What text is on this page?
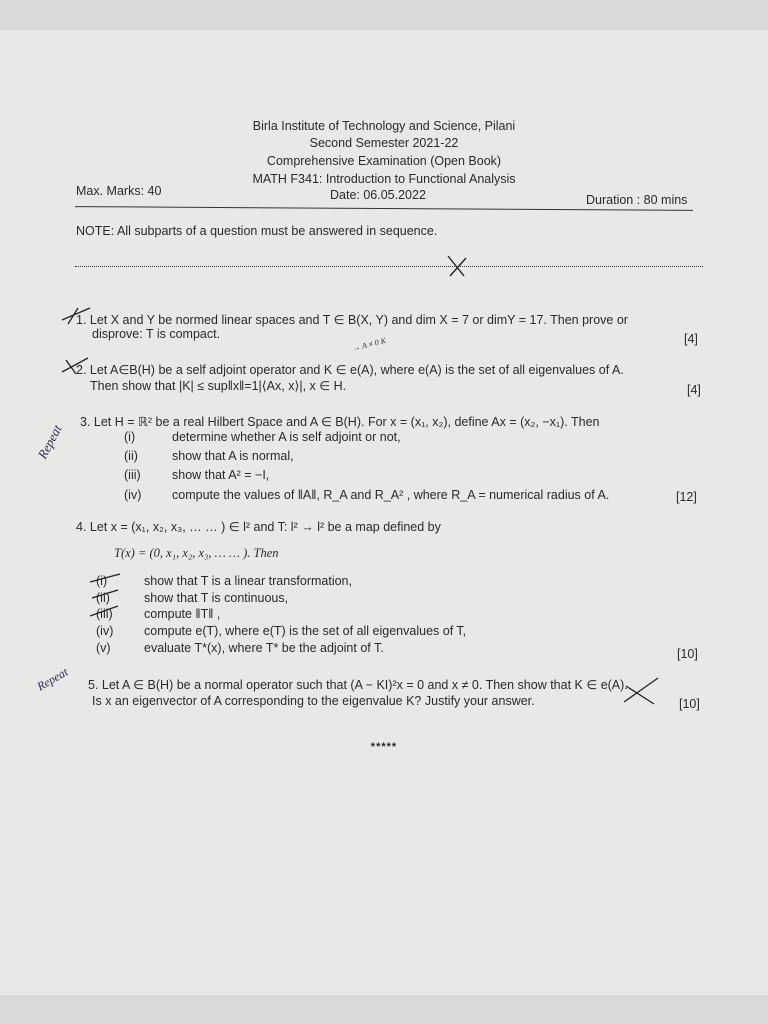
Birla Institute of Technology and Science, Pilani
Second Semester 2021-22
Comprehensive Examination (Open Book)
MATH F341: Introduction to Functional Analysis
Max. Marks: 40	Date: 06.05.2022	Duration : 80 mins
NOTE: All subparts of a question must be answered in sequence.
1. Let X and Y be normed linear spaces and T ∈ B(X, Y) and dim X = 7 or dimY = 17. Then prove or
disprove: T is compact.	[4]
→ A ≠ 0 K
2. Let A∈B(H) be a self adjoint operator and K ∈ e(A), where e(A) is the set of all eigenvalues of A.
Then show that |K| ≤ sup‖x‖=1|⟨Ax, x⟩|, x ∈ H.	[4]
Repeat
3. Let H = ℝ² be a real Hilbert Space and A ∈ B(H). For x = (x₁, x₂), define Ax = (x₂, −x₁). Then
(i)	determine whether A is self adjoint or not,
(ii)	show that A is normal,
(iii)	show that A² = −I,
(iv) compute the values of ‖A‖, R_A and R_A² , where R_A = numerical radius of A.	[12]
4. Let x = (x₁, x₂, x₃, … … ) ∈ l² and T: l² → l² be a map defined by
T(x) = (0, x₁, x₂, x₃, … … ). Then
(i)	show that T is a linear transformation,
(ii)	show that T is continuous,
(iii)	compute ‖T‖ ,
(iv) compute e(T), where e(T) is the set of all eigenvalues of T,
(v)	evaluate T*(x), where T* be the adjoint of T.	[10]
Repeat 5. Let A ∈ B(H) be a normal operator such that (A − KI)²x = 0 and x ≠ 0. Then show that K ∈ e(A).
Is x an eigenvector of A corresponding to the eigenvalue K? Justify your answer.	[10]
*****
